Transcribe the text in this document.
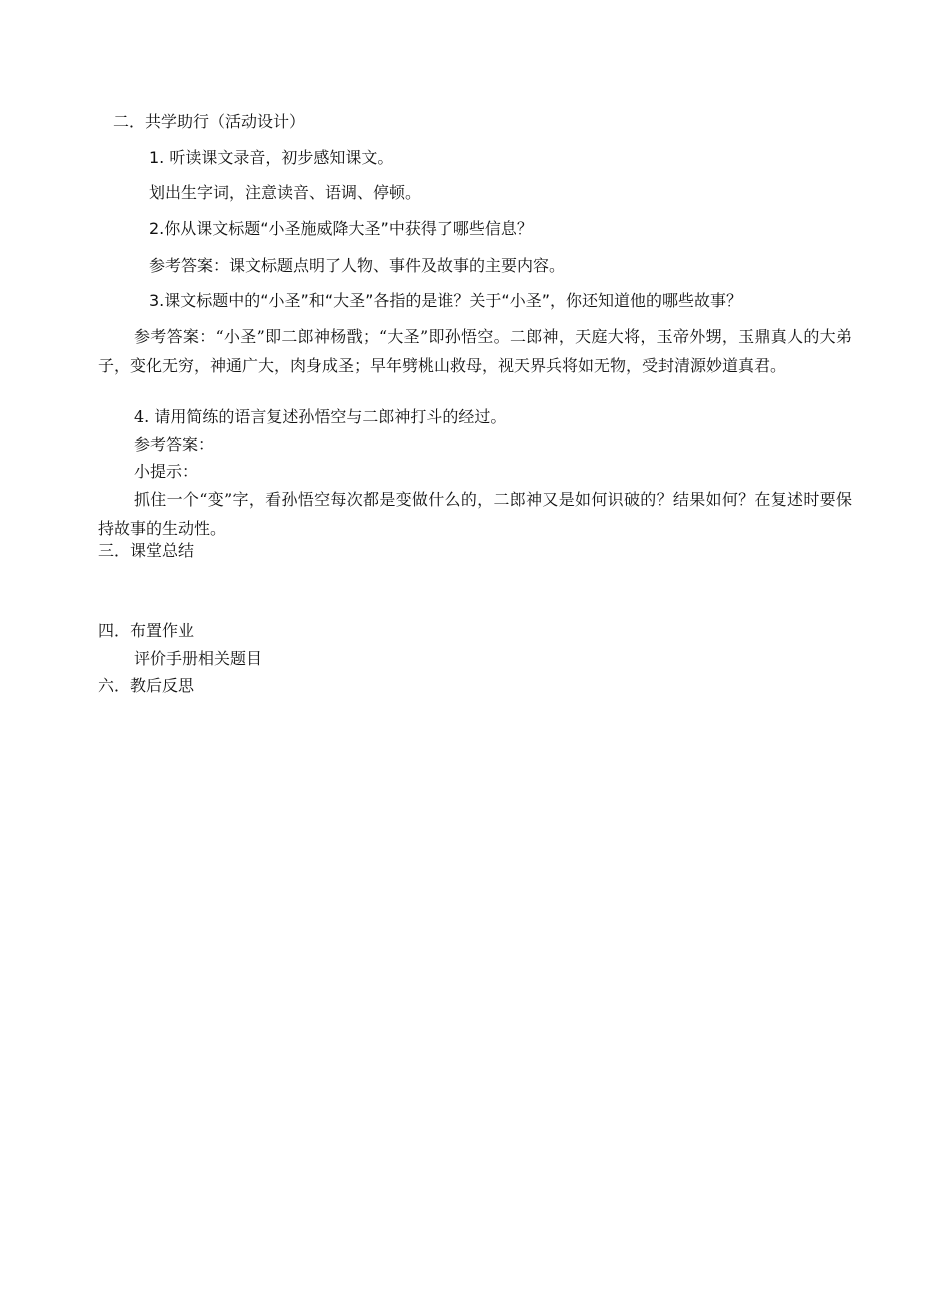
二．共学助行（活动设计）
1. 听读课文录音，初步感知课文。
划出生字词，注意读音、语调、停顿。
2.你从课文标题“小圣施威降大圣”中获得了哪些信息？
参考答案：课文标题点明了人物、事件及故事的主要内容。
3.课文标题中的“小圣”和“大圣”各指的是谁？关于“小圣”，你还知道他的哪些故事？
参考答案：“小圣”即二郎神杨戬；“大圣”即孙悟空。二郎神，天庭大将，玉帝外甥，玉鼎真人的大弟子，变化无穷，神通广大，肉身成圣；早年劈桃山救母，视天界兵将如无物，受封清源妙道真君。
4. 请用简练的语言复述孙悟空与二郎神打斗的经过。
参考答案：
小提示：
抓住一个“变”字，看孙悟空每次都是变做什么的，二郎神又是如何识破的？结果如何？在复述时要保持故事的生动性。
三．课堂总结
四．布置作业
评价手册相关题目
六．教后反思
